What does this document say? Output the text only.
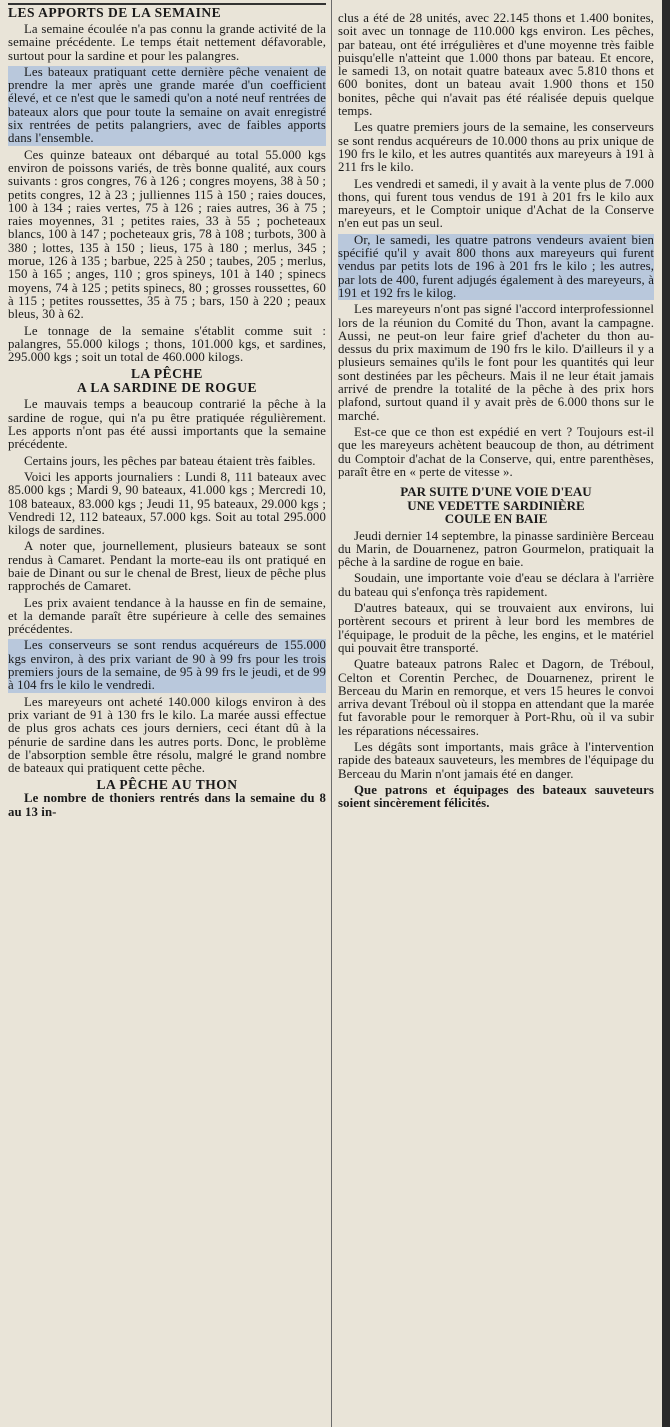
LES APPORTS DE LA SEMAINE

La semaine écoulée n'a pas connu la grande activité de la semaine précédente. Le temps était nettement défavorable, surtout pour la sardine et pour les palangres.

Les bateaux pratiquant cette dernière pêche venaient de prendre la mer après une grande marée d'un coefficient élevé, et ce n'est que le samedi qu'on a noté neuf rentrées de bateaux alors que pour toute la semaine on avait enregistré six rentrées de petits palangriers, avec de faibles apports dans l'ensemble.

Ces quinze bateaux ont débarqué au total 55.000 kgs environ de poissons variés, de très bonne qualité, aux cours suivants : gros congres, 76 à 126 ; congres moyens, 38 à 50 ; petits congres, 12 à 23 ; julliennes 115 à 150 ; raies douces, 100 à 134 ; raies vertes, 75 à 126 ; raies autres, 36 à 75 ; raies moyennes, 31 ; petites raies, 33 à 55 ; pocheteaux blancs, 100 à 147 ; pocheteaux gris, 78 à 108 ; turbots, 300 à 380 ; lottes, 135 à 150 ; lieus, 175 à 180 ; merlus, 345 ; morue, 126 à 135 ; barbue, 225 à 250 ; taubes, 205 ; merlus, 150 à 165 ; anges, 110 ; gros spineys, 101 à 140 ; spinecs moyens, 74 à 125 ; petits spinecs, 80 ; grosses roussettes, 60 à 115 ; petites roussettes, 35 à 75 ; bars, 150 à 220 ; peaux bleus, 30 à 62.

Le tonnage de la semaine s'établit comme suit : palangres, 55.000 kilogs ; thons, 101.000 kgs, et sardines, 295.000 kgs ; soit un total de 460.000 kilogs.

LA PÊCHE
A LA SARDINE DE ROGUE

Le mauvais temps a beaucoup contrarié la pêche à la sardine de rogue, qui n'a pu être pratiquée régulièrement. Les apports n'ont pas été aussi importants que la semaine précédente.

Certains jours, les pêches par bateau étaient très faibles.

Voici les apports journaliers : Lundi 8, 111 bateaux avec 85.000 kgs ; Mardi 9, 90 bateaux, 41.000 kgs ; Mercredi 10, 108 bateaux, 83.000 kgs ; Jeudi 11, 95 bateaux, 29.000 kgs ; Vendredi 12, 112 bateaux, 57.000 kgs. Soit au total 295.000 kilogs de sardines.

A noter que, journellement, plusieurs bateaux se sont rendus à Camaret. Pendant la morte-eau ils ont pratiqué en baie de Dinant ou sur le chenal de Brest, lieux de pêche plus rapprochés de Camaret.

Les prix avaient tendance à la hausse en fin de semaine, et la demande paraît être supérieure à celle des semaines précédentes.

Les conserveurs se sont rendus acquéreurs de 155.000 kgs environ, à des prix variant de 90 à 99 frs pour les trois premiers jours de la semaine, de 95 à 99 frs le jeudi, et de 99 à 104 frs le kilo le vendredi.

Les mareyeurs ont acheté 140.000 kilogs environ à des prix variant de 91 à 130 frs le kilo. La marée aussi effectue de plus gros achats ces jours derniers, ceci étant dû à la pénurie de sardine dans les autres ports. Donc, le problème de l'absorption semble être résolu, malgré le grand nombre de bateaux qui pratiquent cette pêche.

LA PÊCHE AU THON

Le nombre de thoniers rentrés dans la semaine du 8 au 13 in-

clus a été de 28 unités, avec 22.145 thons et 1.400 bonites, soit avec un tonnage de 110.000 kgs environ. Les pêches, par bateau, ont été irrégulières et d'une moyenne très faible puisqu'elle n'atteint que 1.000 thons par bateau. Et encore, le samedi 13, on notait quatre bateaux avec 5.810 thons et 600 bonites, dont un bateau avait 1.900 thons et 150 bonites, pêche qui n'avait pas été réalisée depuis quelque temps.

Les quatre premiers jours de la semaine, les conserveurs se sont rendus acquéreurs de 10.000 thons au prix unique de 190 frs le kilo, et les autres quantités aux mareyeurs à 191 à 211 frs le kilo.

Les vendredi et samedi, il y avait à la vente plus de 7.000 thons, qui furent tous vendus de 191 à 201 frs le kilo aux mareyeurs, et le Comptoir unique d'Achat de la Conserve n'en eut pas un seul.

Or, le samedi, les quatre patrons vendeurs avaient bien spécifié qu'il y avait 800 thons aux mareyeurs qui furent vendus par petits lots de 196 à 201 frs le kilo ; les autres, par lots de 400, furent adjugés également à des mareyeurs, à 191 et 192 frs le kilog.

Les mareyeurs n'ont pas signé l'accord interprofessionnel lors de la réunion du Comité du Thon, avant la campagne. Aussi, ne peut-on leur faire grief d'acheter du thon au-dessus du prix maximum de 190 frs le kilo. D'ailleurs il y a plusieurs semaines qu'ils le font pour les quantités qui leur sont destinées par les pêcheurs. Mais il ne leur était jamais arrivé de prendre la totalité de la pêche à des prix hors plafond, surtout quand il y avait près de 6.000 thons sur le marché.

Est-ce que ce thon est expédié en vert ? Toujours est-il que les mareyeurs achètent beaucoup de thon, au détriment du Comptoir d'achat de la Conserve, qui, entre parenthèses, paraît être en « perte de vitesse ».

PAR SUITE D'UNE VOIE D'EAU
UNE VEDETTE SARDINIÈRE
COULE EN BAIE

Jeudi dernier 14 septembre, la pinasse sardinière Berceau du Marin, de Douarnenez, patron Gourmelon, pratiquait la pêche à la sardine de rogue en baie.

Soudain, une importante voie d'eau se déclara à l'arrière du bateau qui s'enfonça très rapidement.

D'autres bateaux, qui se trouvaient aux environs, lui portèrent secours et prirent à leur bord les membres de l'équipage, le produit de la pêche, les engins, et le matériel qui pouvait être transporté.

Quatre bateaux patrons Ralec et Dagorn, de Tréboul, Celton et Corentin Perchec, de Douarnenez, prirent le Berceau du Marin en remorque, et vers 15 heures le convoi arriva devant Tréboul où il stoppa en attendant que la marée fut favorable pour le remorquer à Port-Rhu, où il va subir les réparations nécessaires.

Les dégâts sont importants, mais grâce à l'intervention rapide des bateaux sauveteurs, les membres de l'équipage du Berceau du Marin n'ont jamais été en danger.

Que patrons et équipages des bateaux sauveteurs soient sincèrement félicités.
